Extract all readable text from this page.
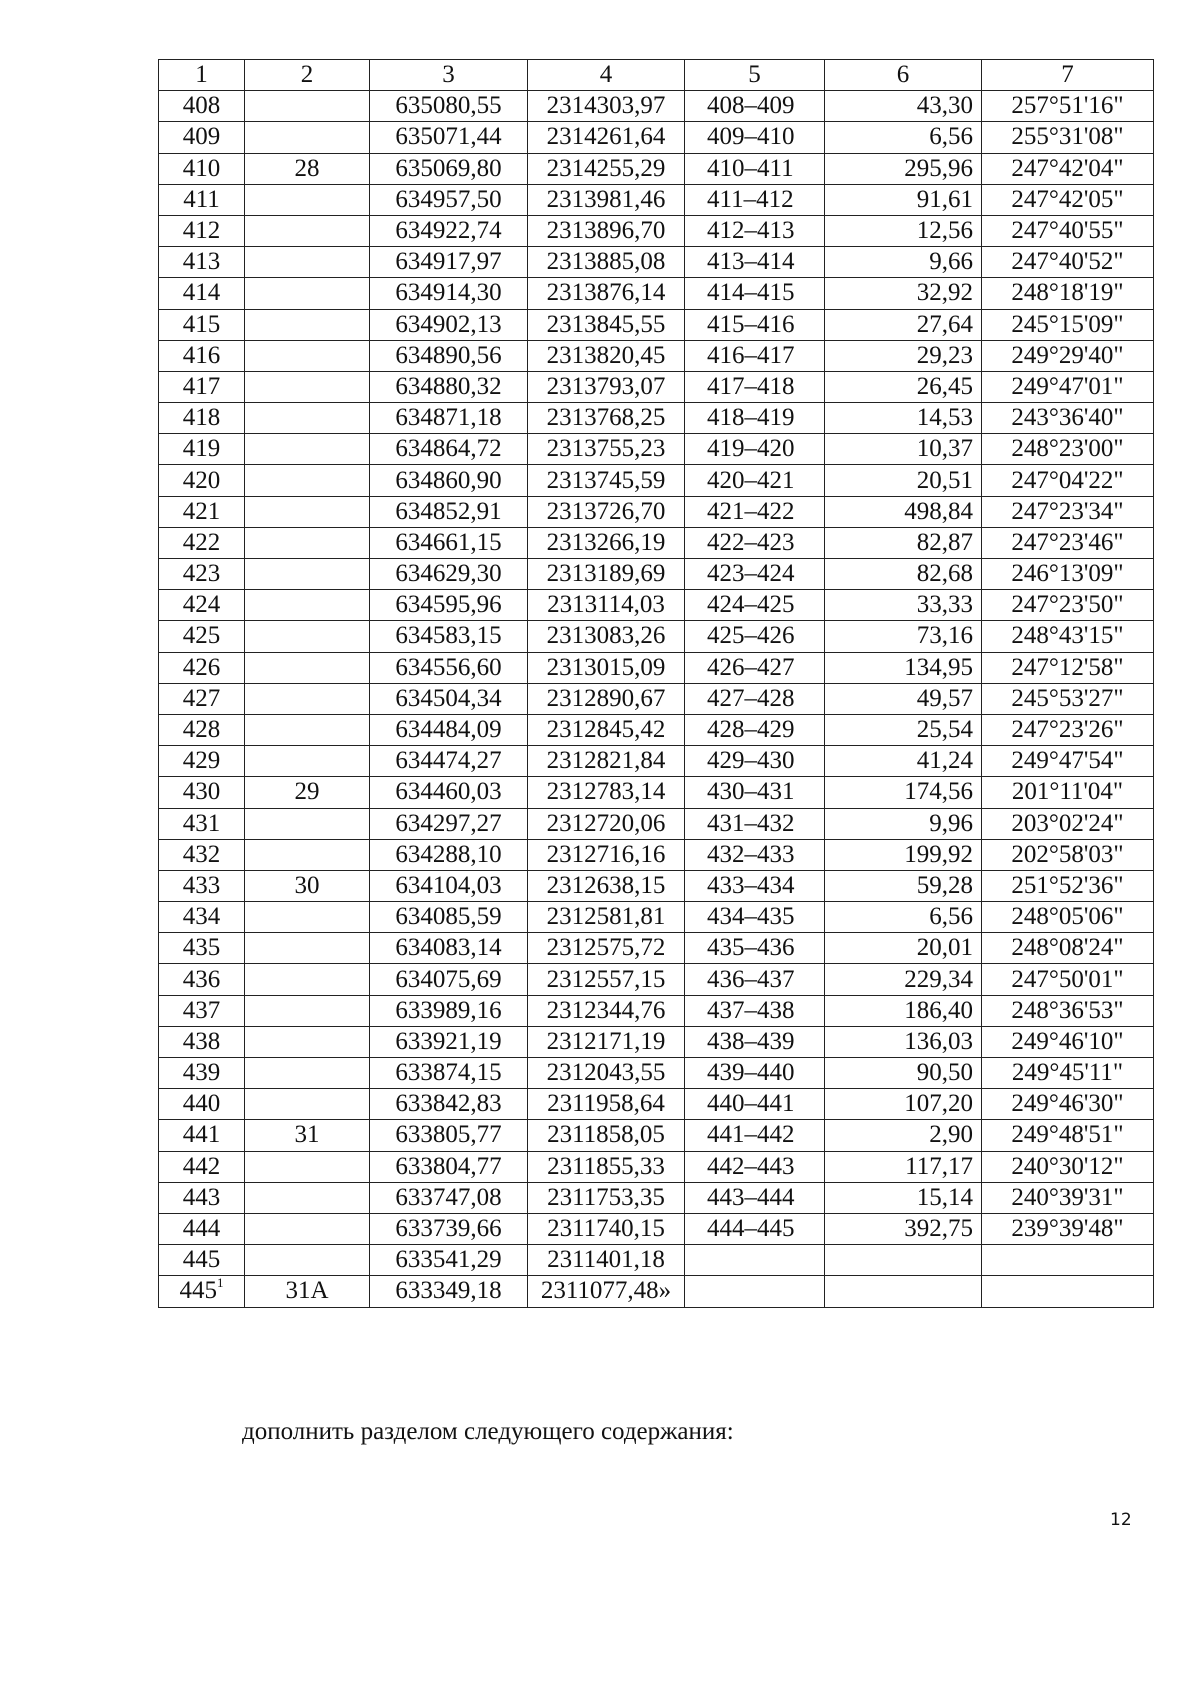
1	2	3	4	5	6	7
408		635080,55	2314303,97	408–409	43,30	257°51'16"
409		635071,44	2314261,64	409–410	6,56	255°31'08"
410	28	635069,80	2314255,29	410–411	295,96	247°42'04"
411		634957,50	2313981,46	411–412	91,61	247°42'05"
412		634922,74	2313896,70	412–413	12,56	247°40'55"
413		634917,97	2313885,08	413–414	9,66	247°40'52"
414		634914,30	2313876,14	414–415	32,92	248°18'19"
415		634902,13	2313845,55	415–416	27,64	245°15'09"
416		634890,56	2313820,45	416–417	29,23	249°29'40"
417		634880,32	2313793,07	417–418	26,45	249°47'01"
418		634871,18	2313768,25	418–419	14,53	243°36'40"
419		634864,72	2313755,23	419–420	10,37	248°23'00"
420		634860,90	2313745,59	420–421	20,51	247°04'22"
421		634852,91	2313726,70	421–422	498,84	247°23'34"
422		634661,15	2313266,19	422–423	82,87	247°23'46"
423		634629,30	2313189,69	423–424	82,68	246°13'09"
424		634595,96	2313114,03	424–425	33,33	247°23'50"
425		634583,15	2313083,26	425–426	73,16	248°43'15"
426		634556,60	2313015,09	426–427	134,95	247°12'58"
427		634504,34	2312890,67	427–428	49,57	245°53'27"
428		634484,09	2312845,42	428–429	25,54	247°23'26"
429		634474,27	2312821,84	429–430	41,24	249°47'54"
430	29	634460,03	2312783,14	430–431	174,56	201°11'04"
431		634297,27	2312720,06	431–432	9,96	203°02'24"
432		634288,10	2312716,16	432–433	199,92	202°58'03"
433	30	634104,03	2312638,15	433–434	59,28	251°52'36"
434		634085,59	2312581,81	434–435	6,56	248°05'06"
435		634083,14	2312575,72	435–436	20,01	248°08'24"
436		634075,69	2312557,15	436–437	229,34	247°50'01"
437		633989,16	2312344,76	437–438	186,40	248°36'53"
438		633921,19	2312171,19	438–439	136,03	249°46'10"
439		633874,15	2312043,55	439–440	90,50	249°45'11"
440		633842,83	2311958,64	440–441	107,20	249°46'30"
441	31	633805,77	2311858,05	441–442	2,90	249°48'51"
442		633804,77	2311855,33	442–443	117,17	240°30'12"
443		633747,08	2311753,35	443–444	15,14	240°39'31"
444		633739,66	2311740,15	444–445	392,75	239°39'48"
445		633541,29	2311401,18			
$445^1$	31А	633349,18	2311077,48»			
дополнить разделом следующего содержания:
12
